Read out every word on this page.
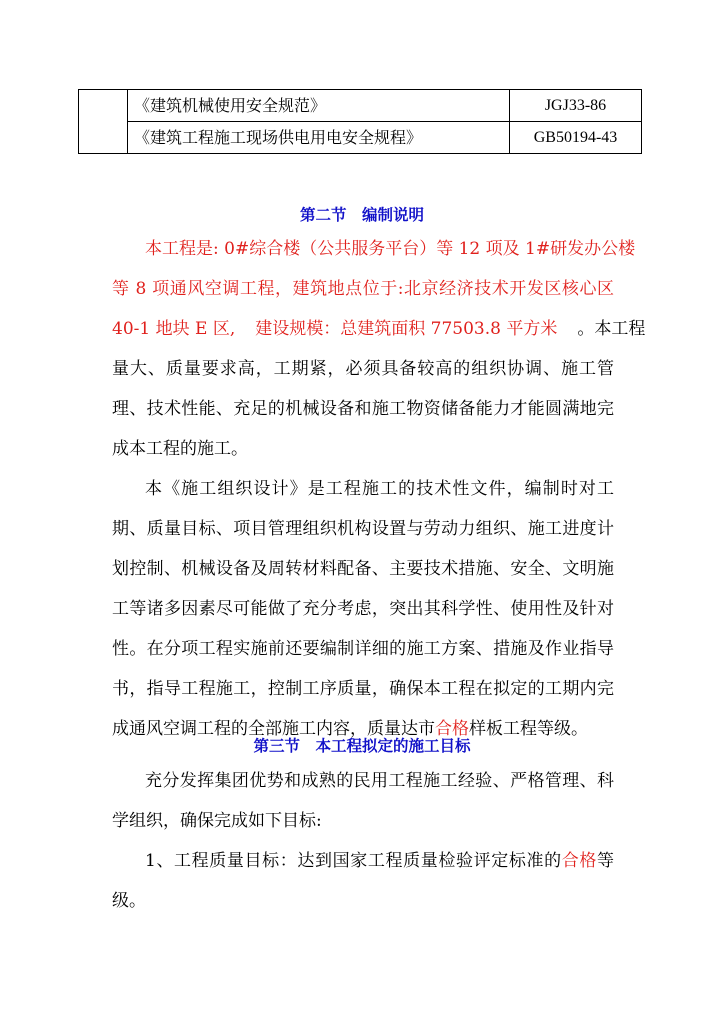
	《建筑机械使用安全规范》	JGJ33-86
	《建筑工程施工现场供电用电安全规程》	GB50194-43
第二节　编制说明
本工程是: 0#综合楼（公共服务平台）等 12 项及 1#研发办公楼
等 8 项通风空调工程，建筑地点位于:北京经济技术开发区核心区
40-1 地块 E 区, 建设规模：总建筑面积 77503.8 平方米 。本工程
量大、质量要求高，工期紧，必须具备较高的组织协调、施工管
理、技术性能、充足的机械设备和施工物资储备能力才能圆满地完
成本工程的施工。
本《施工组织设计》是工程施工的技术性文件，编制时对工
期、质量目标、项目管理组织机构设置与劳动力组织、施工进度计
划控制、机械设备及周转材料配备、主要技术措施、安全、文明施
工等诸多因素尽可能做了充分考虑，突出其科学性、使用性及针对
性。在分项工程实施前还要编制详细的施工方案、措施及作业指导
书，指导工程施工，控制工序质量，确保本工程在拟定的工期内完
成通风空调工程的全部施工内容，质量达市合格样板工程等级。
第三节　本工程拟定的施工目标
充分发挥集团优势和成熟的民用工程施工经验、严格管理、科
学组织，确保完成如下目标:
1、工程质量目标：达到国家工程质量检验评定标准的合格等
级。
